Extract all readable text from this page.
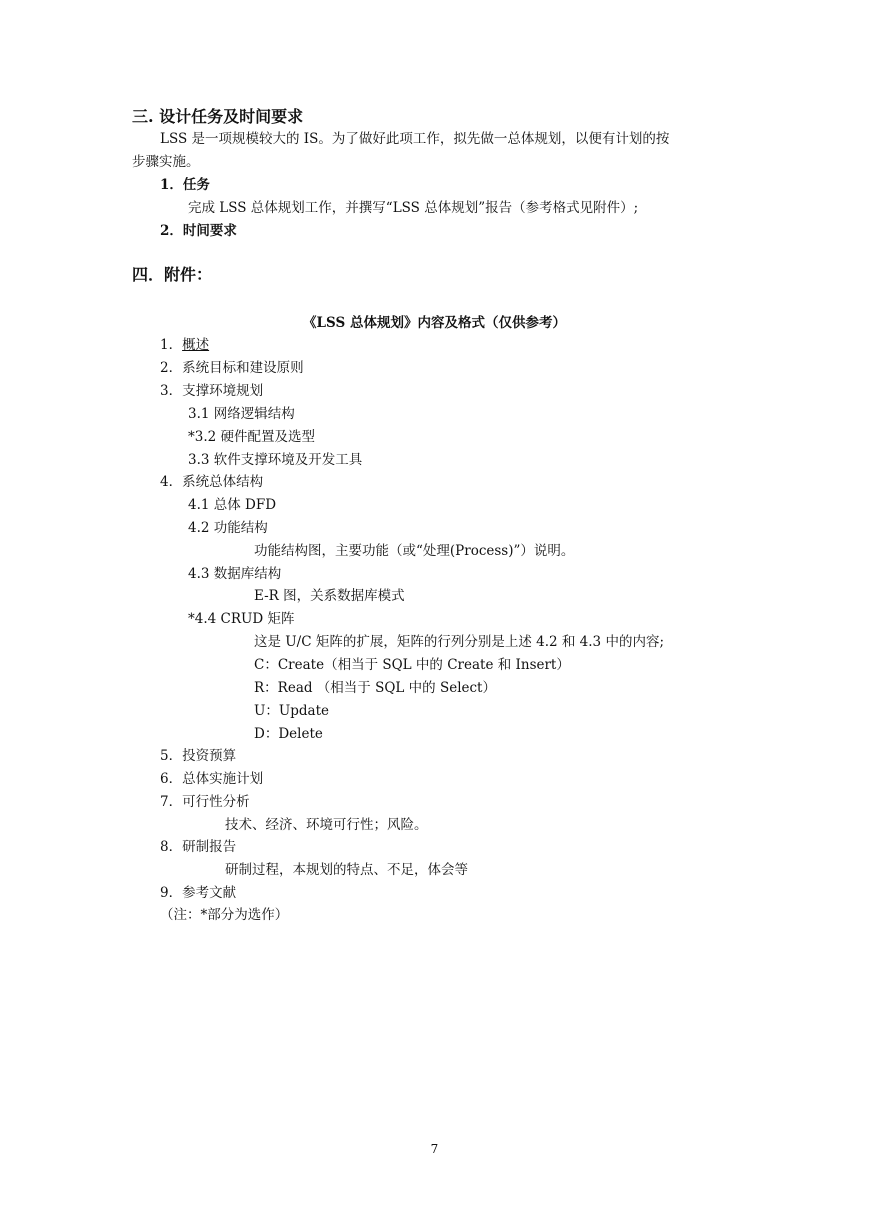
三. 设计任务及时间要求
LSS 是一项规模较大的 IS。为了做好此项工作，拟先做一总体规划，以便有计划的按
步骤实施。
1．任务
完成 LSS 总体规划工作，并撰写“LSS 总体规划”报告（参考格式见附件）;
2．时间要求
四．附件：
《LSS 总体规划》内容及格式（仅供参考）
1．概述
2．系统目标和建设原则
3．支撑环境规划
3.1 网络逻辑结构
*3.2 硬件配置及选型
3.3 软件支撑环境及开发工具
4．系统总体结构
4.1 总体 DFD
4.2 功能结构
功能结构图，主要功能（或“处理(Process)”）说明。
4.3 数据库结构
E-R 图，关系数据库模式
*4.4 CRUD 矩阵
这是 U/C 矩阵的扩展，矩阵的行列分别是上述 4.2 和 4.3 中的内容;
C：Create（相当于 SQL 中的 Create 和 Insert）
R：Read （相当于 SQL 中的 Select）
U：Update
D：Delete
5．投资预算
6．总体实施计划
7．可行性分析
技术、经济、环境可行性；风险。
8．研制报告
研制过程，本规划的特点、不足，体会等
9．参考文献
（注：*部分为选作）
7
